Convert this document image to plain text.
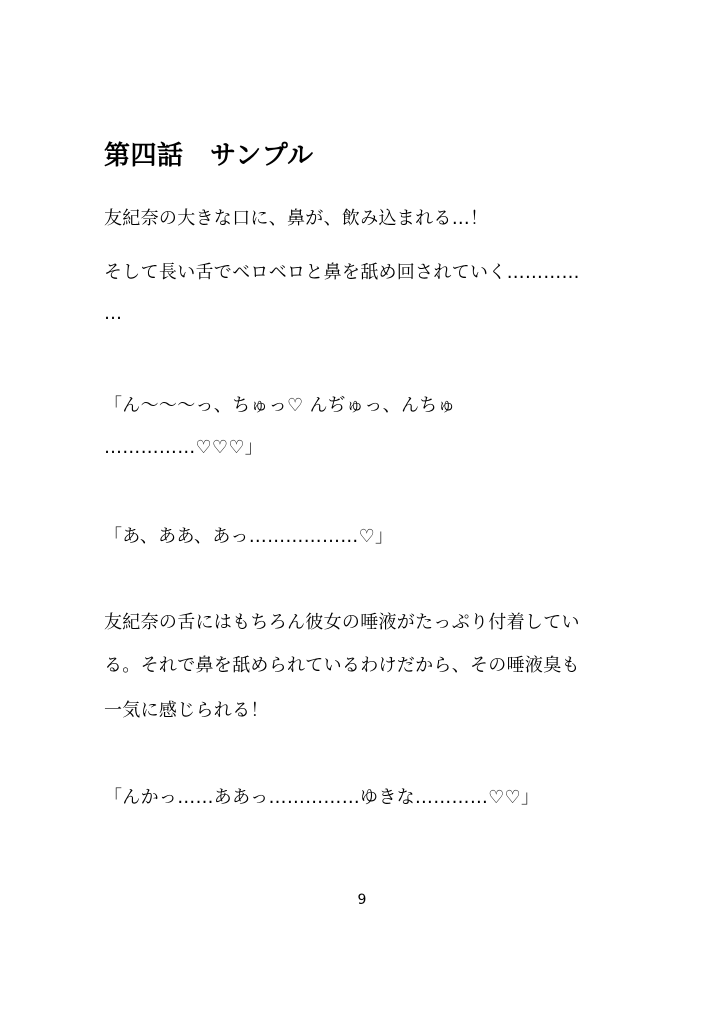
第四話　サンプル
友紀奈の大きな口に、鼻が、飲み込まれる…！
そして長い舌でベロベロと鼻を舐め回されていく…………
…
「ん〜〜〜っ、ちゅっ♡ んぢゅっ、んちゅ
……………♡♡♡」
「あ、ああ、あっ………………♡」
友紀奈の舌にはもちろん彼女の唾液がたっぷり付着してい
る。それで鼻を舐められているわけだから、その唾液臭も
一気に感じられる！
「んかっ……ああっ……………ゆきな…………♡♡」
9
